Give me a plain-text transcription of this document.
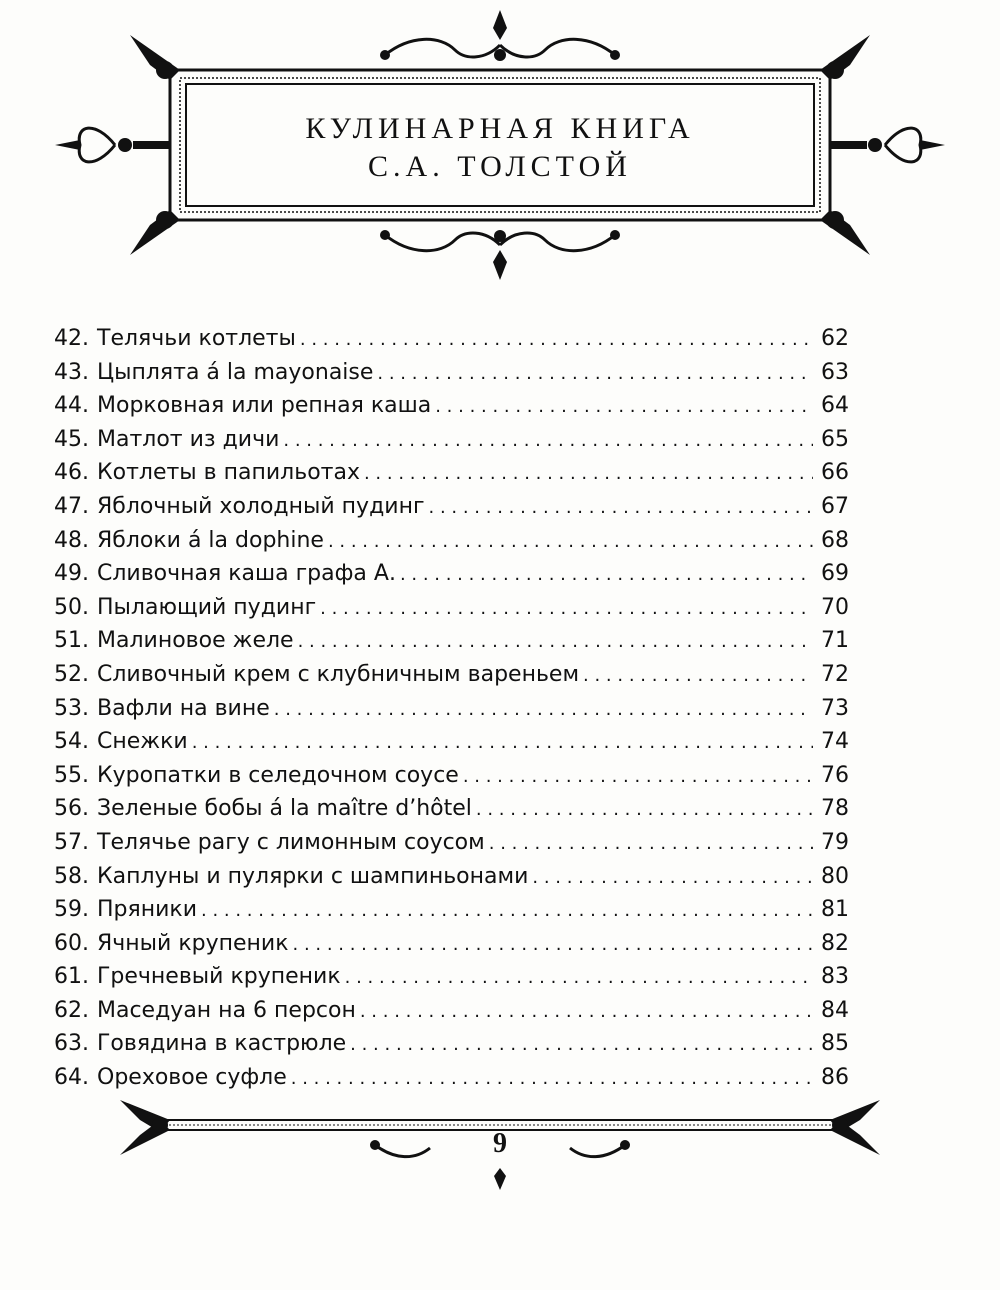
КУЛИНАРНАЯ КНИГА
С.А. ТОЛСТОЙ
42. Телячьи котлеты . . .	62
43. Цыплята á la mayonaise . . .	63
44. Морковная или репная каша . . .	64
45. Матлот из дичи . . .	65
46. Котлеты в папильотах . . .	66
47. Яблочный холодный пудинг . . .	67
48. Яблоки á la dophine . . .	68
49. Сливочная каша графа А. . . .	69
50. Пылающий пудинг . . .	70
51. Малиновое желе . . .	71
52. Сливочный крем с клубничным вареньем . . .	72
53. Вафли на вине . . .	73
54. Снежки . . .	74
55. Куропатки в селедочном соусе . . .	76
56. Зеленые бобы á la maître d’hôtel . . .	78
57. Телячье рагу с лимонным соусом . . .	79
58. Каплуны и пулярки с шампиньонами . . .	80
59. Пряники . . .	81
60. Ячный крупеник . . .	82
61. Гречневый крупеник . . .	83
62. Маседуан на 6 персон . . .	84
63. Говядина в кастрюле . . .	85
64. Ореховое суфле . . .	86
9
